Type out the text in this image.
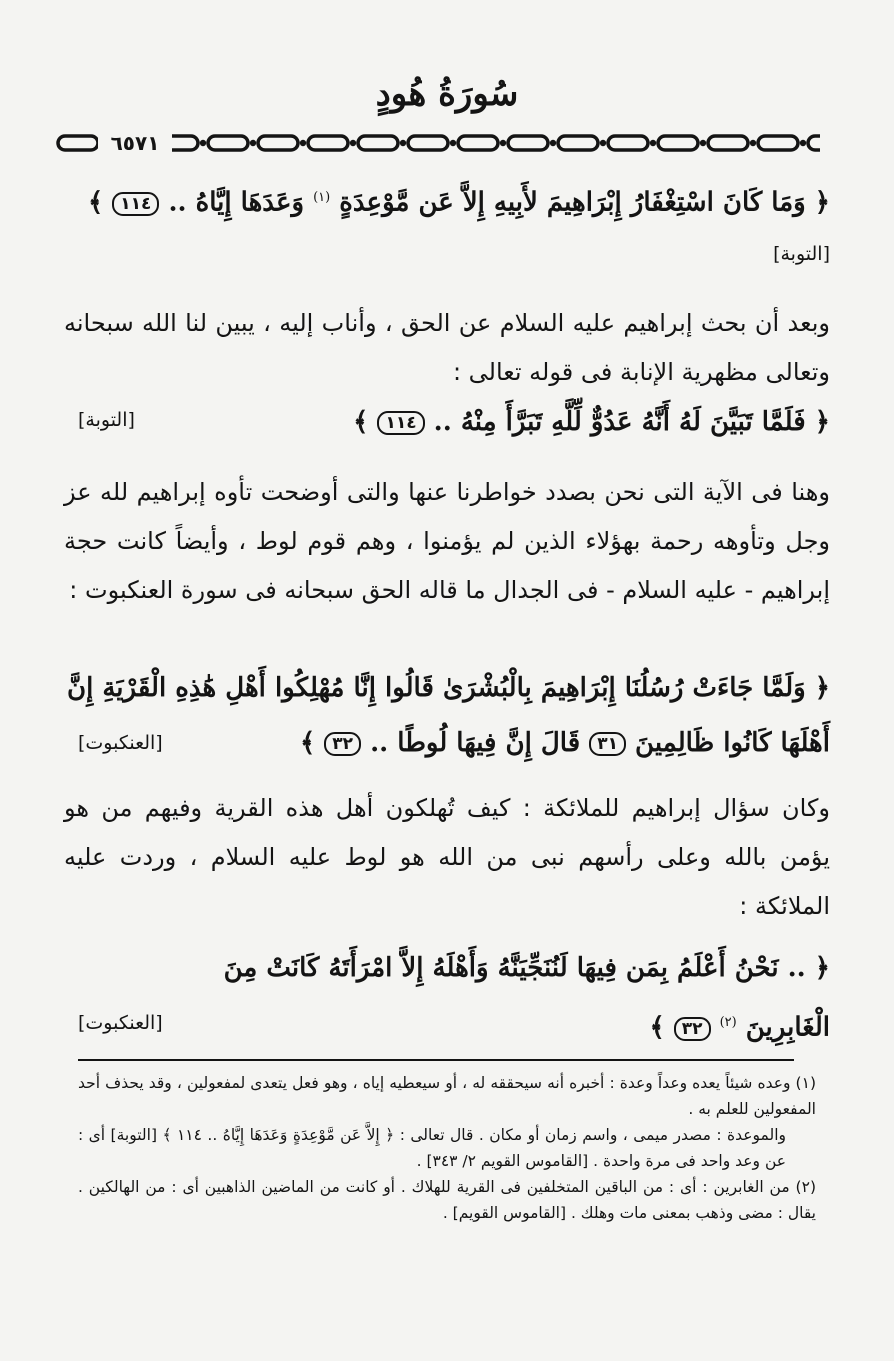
سُورَةُ هُودٍ
٦٥٧١
﴿ وَمَا كَانَ اسْتِغْفَارُ إِبْرَاهِيمَ لأَبِيهِ إِلاَّ عَن مَّوْعِدَةٍ $^{(١)}$ وَعَدَهَا إِيَّاهُ .. ١١٤ ﴾
[التوبة]

وبعد أن بحث إبراهيم عليه السلام عن الحق ، وأناب إليه ، يبين لنا الله سبحانه وتعالى مظهرية الإنابة فى قوله تعالى :

﴿ فَلَمَّا تَبَيَّنَ لَهُ أَنَّهُ عَدُوٌّ لِّلَّهِ تَبَرَّأَ مِنْهُ .. ١١٤ ﴾
[التوبة]

وهنا فى الآية التى نحن بصدد خواطرنا عنها والتى أوضحت تأوه إبراهيم لله عز وجل وتأوهه رحمة بهؤلاء الذين لم يؤمنوا ، وهم قوم لوط ، وأيضاً كانت حجة إبراهيم - عليه السلام - فى الجدال ما قاله الحق سبحانه فى سورة العنكبوت :

﴿ وَلَمَّا جَاءَتْ رُسُلُنَا إِبْرَاهِيمَ بِالْبُشْرَىٰ قَالُوا إِنَّا مُهْلِكُوا أَهْلِ هَٰذِهِ الْقَرْيَةِ إِنَّ
أَهْلَهَا كَانُوا ظَالِمِينَ ٣١ قَالَ إِنَّ فِيهَا لُوطًا .. ٣٢ ﴾
[العنكبوت]

وكان سؤال إبراهيم للملائكة : كيف تُهلكون أهل هذه القرية وفيهم من هو يؤمن بالله وعلى رأسهم نبى من الله هو لوط عليه السلام ، وردت عليه الملائكة :

﴿ .. نَحْنُ أَعْلَمُ بِمَن فِيهَا لَنُنَجِّيَنَّهُ وَأَهْلَهُ إِلاَّ امْرَأَتَهُ كَانَتْ مِنَ
الْغَابِرِينَ $^{(٢)}$ ٣٢ ﴾
[العنكبوت]

(١) وعده شيئاً يعده وعداً وعدة : أخبره أنه سيحققه له ، أو سيعطيه إياه ، وهو فعل يتعدى لمفعولين ، وقد يحذف أحد المفعولين للعلم به .

والموعدة : مصدر ميمى ، واسم زمان أو مكان . قال تعالى : ﴿ إِلاَّ عَن مَّوْعِدَةٍ وَعَدَهَا إِيَّاهُ .. ١١٤ ﴾ [التوبة] أى : عن وعد واحد فى مرة واحدة . [القاموس القويم ٢/ ٣٤٣] .

(٢) من الغابرين : أى : من الباقين المتخلفين فى القرية للهلاك . أو كانت من الماضين الذاهبين أى : من الهالكين . يقال : مضى وذهب بمعنى مات وهلك . [القاموس القويم] .
